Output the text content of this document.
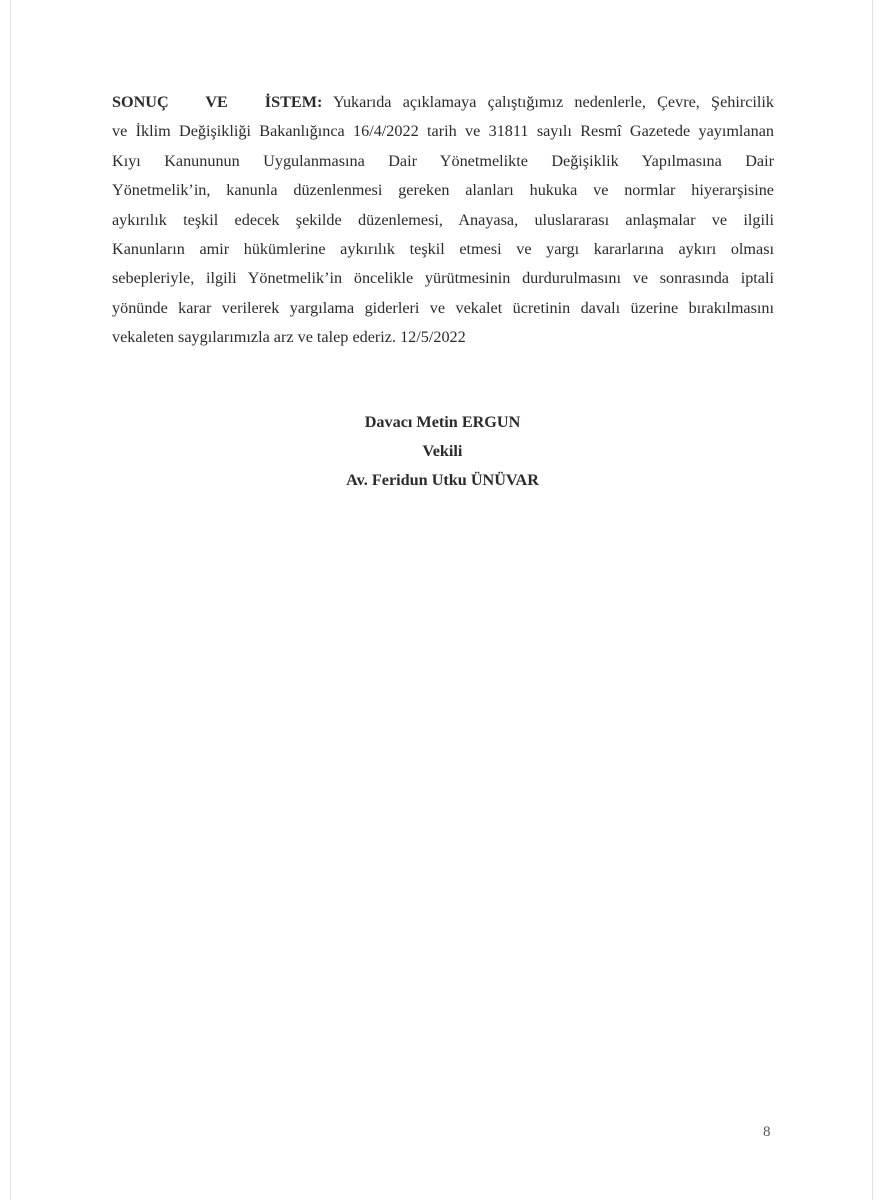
SONUÇ VE İSTEM: Yukarıda açıklamaya çalıştığımız nedenlerle, Çevre, Şehircilik
ve İklim Değişikliği Bakanlığınca 16/4/2022 tarih ve 31811 sayılı Resmî Gazetede yayımlanan
Kıyı Kanununun Uygulanmasına Dair Yönetmelikte Değişiklik Yapılmasına Dair
Yönetmelik’in, kanunla düzenlenmesi gereken alanları hukuka ve normlar hiyerarşisine
aykırılık teşkil edecek şekilde düzenlemesi, Anayasa, uluslararası anlaşmalar ve ilgili
Kanunların amir hükümlerine aykırılık teşkil etmesi ve yargı kararlarına aykırı olması
sebepleriyle, ilgili Yönetmelik’in öncelikle yürütmesinin durdurulmasını ve sonrasında iptali
yönünde karar verilerek yargılama giderleri ve vekalet ücretinin davalı üzerine bırakılmasını
vekaleten saygılarımızla arz ve talep ederiz. 12/5/2022
Davacı Metin ERGUN
Vekili
Av. Feridun Utku ÜNÜVAR
8
